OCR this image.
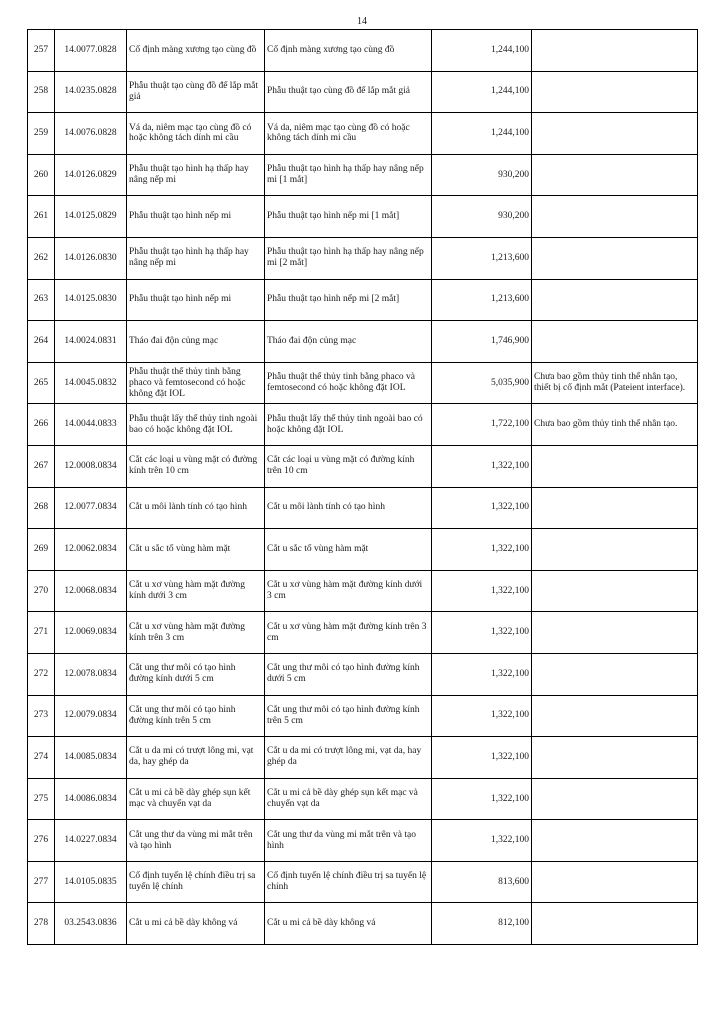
14
257	14.0077.0828	Cố định màng xương tạo cùng đồ	Cố định màng xương tạo cùng đồ	1,244,100	
258	14.0235.0828	Phẫu thuật tạo cùng đồ để lắp mắt giả	Phẫu thuật tạo cùng đồ để lắp mắt giả	1,244,100	
259	14.0076.0828	Vá da, niêm mạc tạo cùng đồ có hoặc không tách dính mi cầu	Vá da, niêm mạc tạo cùng đồ có hoặc không tách dính mi cầu	1,244,100	
260	14.0126.0829	Phẫu thuật tạo hình hạ thấp hay nâng nếp mi	Phẫu thuật tạo hình hạ thấp hay nâng nếp mi [1 mắt]	930,200	
261	14.0125.0829	Phẫu thuật tạo hình nếp mi	Phẫu thuật tạo hình nếp mi [1 mắt]	930,200	
262	14.0126.0830	Phẫu thuật tạo hình hạ thấp hay nâng nếp mi	Phẫu thuật tạo hình hạ thấp hay nâng nếp mi [2 mắt]	1,213,600	
263	14.0125.0830	Phẫu thuật tạo hình nếp mi	Phẫu thuật tạo hình nếp mi [2 mắt]	1,213,600	
264	14.0024.0831	Tháo đai độn củng mạc	Tháo đai độn củng mạc	1,746,900	
265	14.0045.0832	Phẫu thuật thể thủy tinh bằng phaco và femtosecond có hoặc không đặt IOL	Phẫu thuật thể thủy tinh bằng phaco và femtosecond có hoặc không đặt IOL	5,035,900	Chưa bao gồm thủy tinh thể nhân tạo, thiết bị cố định mắt (Pateient interface).
266	14.0044.0833	Phẫu thuật lấy thể thủy tinh ngoài bao có hoặc không đặt IOL	Phẫu thuật lấy thể thủy tinh ngoài bao có hoặc không đặt IOL	1,722,100	Chưa bao gồm thủy tinh thể nhân tạo.
267	12.0008.0834	Cắt các loại u vùng mặt có đường kính trên 10 cm	Cắt các loại u vùng mặt có đường kính trên 10 cm	1,322,100	
268	12.0077.0834	Cắt u môi lành tính có tạo hình	Cắt u môi lành tính có tạo hình	1,322,100	
269	12.0062.0834	Cắt u sắc tố vùng hàm mặt	Cắt u sắc tố vùng hàm mặt	1,322,100	
270	12.0068.0834	Cắt u xơ vùng hàm mặt đường kính dưới 3 cm	Cắt u xơ vùng hàm mặt đường kính dưới 3 cm	1,322,100	
271	12.0069.0834	Cắt u xơ vùng hàm mặt đường kính trên 3 cm	Cắt u xơ vùng hàm mặt đường kính trên 3 cm	1,322,100	
272	12.0078.0834	Cắt ung thư môi có tạo hình đường kính dưới 5 cm	Cắt ung thư môi có tạo hình đường kính dưới 5 cm	1,322,100	
273	12.0079.0834	Cắt ung thư môi có tạo hình đường kính trên 5 cm	Cắt ung thư môi có tạo hình đường kính trên 5 cm	1,322,100	
274	14.0085.0834	Cắt u da mi có trượt lông mi, vạt da, hay ghép da	Cắt u da mi có trượt lông mi, vạt da, hay ghép da	1,322,100	
275	14.0086.0834	Cắt u mi cả bề dày ghép sụn kết mạc và chuyển vạt da	Cắt u mi cả bề dày ghép sụn kết mạc và chuyển vạt da	1,322,100	
276	14.0227.0834	Cắt ung thư da vùng mi mắt trên và tạo hình	Cắt ung thư da vùng mi mắt trên và tạo hình	1,322,100	
277	14.0105.0835	Cố định tuyến lệ chính điều trị sa tuyến lệ chính	Cố định tuyến lệ chính điều trị sa tuyến lệ chính	813,600	
278	03.2543.0836	Cắt u mi cả bề dày không vá	Cắt u mi cả bề dày không vá	812,100	
